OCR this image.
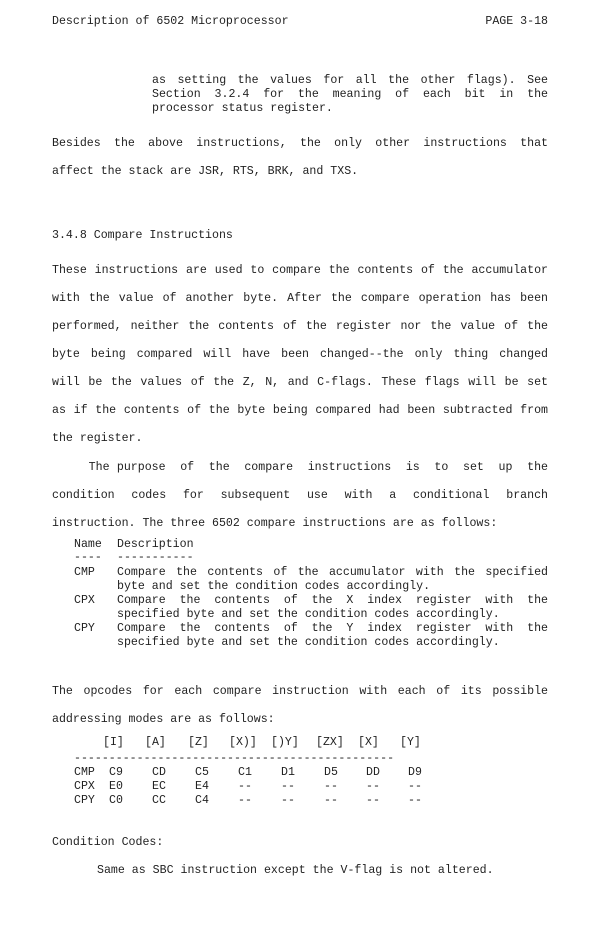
Description of 6502 Microprocessor	PAGE 3-18
as setting the values for all the other flags). See
Section 3.2.4 for the meaning of each bit in the
processor status register.
Besides the above instructions, the only other instructions that
affect the stack are JSR, RTS, BRK, and TXS.
3.4.8 Compare Instructions
These instructions are used to compare the contents of the accumulator
with the value of another byte. After the compare operation has been
performed, neither the contents of the register nor the value of the
byte being compared will have been changed--the only thing changed
will be the values of the Z, N, and C-flags. These flags will be set
as if the contents of the byte being compared had been subtracted from
the register.
The purpose  of  the  compare  instructions  is  to  set  up  the
condition codes for subsequent use with a conditional branch
instruction. The three 6502 compare instructions are as follows:
Name Description
---- -----------
CMP Compare the contents of the accumulator with the specified
byte and set the condition codes accordingly.
CPX Compare the contents of the X index register with the
specified byte and set the condition codes accordingly.
CPY Compare the contents of the Y index register with the
specified byte and set the condition codes accordingly.
The opcodes for each compare instruction with each of its possible
addressing modes are as follows:
[I] [A] [Z] [X)] [)Y] [ZX] [X] [Y]
----------------------------------------------
CMP C9	CD	C5	C1	D1	D5 DD D9
CPX E0	EC	E4	--	--	-- -- --
CPY C0	CC	C4	--	--	-- -- --
Condition Codes:
Same as SBC instruction except the V-flag is not altered.
